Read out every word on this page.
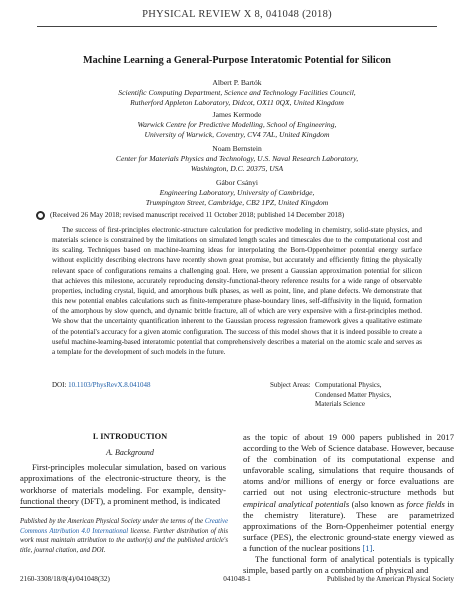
PHYSICAL REVIEW X 8, 041048 (2018)
Machine Learning a General-Purpose Interatomic Potential for Silicon
Albert P. Bartók
Scientific Computing Department, Science and Technology Facilities Council,
Rutherford Appleton Laboratory, Didcot, OX11 0QX, United Kingdom
James Kermode
Warwick Centre for Predictive Modelling, School of Engineering,
University of Warwick, Coventry, CV4 7AL, United Kingdom
Noam Bernstein
Center for Materials Physics and Technology, U.S. Naval Research Laboratory,
Washington, D.C. 20375, USA
Gábor Csányi
Engineering Laboratory, University of Cambridge,
Trumpington Street, Cambridge, CB2 1PZ, United Kingdom
(Received 26 May 2018; revised manuscript received 11 October 2018; published 14 December 2018)
The success of first-principles electronic-structure calculation for predictive modeling in chemistry, solid-state physics, and materials science is constrained by the limitations on simulated length scales and timescales due to the computational cost and its scaling. Techniques based on machine-learning ideas for interpolating the Born-Oppenheimer potential energy surface without explicitly describing electrons have recently shown great promise, but accurately and efficiently fitting the physically relevant space of configurations remains a challenging goal. Here, we present a Gaussian approximation potential for silicon that achieves this milestone, accurately reproducing density-functional-theory reference results for a wide range of observable properties, including crystal, liquid, and amorphous bulk phases, as well as point, line, and plane defects. We demonstrate that this new potential enables calculations such as finite-temperature phase-boundary lines, self-diffusivity in the liquid, formation of the amorphous by slow quench, and dynamic brittle fracture, all of which are very expensive with a first-principles method. We show that the uncertainty quantification inherent to the Gaussian process regression framework gives a qualitative estimate of the potential's accuracy for a given atomic configuration. The success of this model shows that it is indeed possible to create a useful machine-learning-based interatomic potential that comprehensively describes a material on the atomic scale and serves as a template for the development of such models in the future.
DOI: 10.1103/PhysRevX.8.041048	Subject Areas: Computational Physics,
Condensed Matter Physics,
Materials Science
I. INTRODUCTION
A. Background
First-principles molecular simulation, based on various approximations of the electronic-structure theory, is the workhorse of materials modeling. For example, density-functional theory (DFT), a prominent method, is indicated
Published by the American Physical Society under the terms of the Creative Commons Attribution 4.0 International license. Further distribution of this work must maintain attribution to the author(s) and the published article's title, journal citation, and DOI.

as the topic of about 19 000 papers published in 2017 according to the Web of Science database. However, because of the combination of its computational expense and unfavorable scaling, simulations that require thousands of atoms and/or millions of energy or force evaluations are carried out not using electronic-structure methods but empirical analytical potentials (also known as force fields in the chemistry literature). These are parametrized approximations of the Born-Oppenheimer potential energy surface (PES), the electronic ground-state energy viewed as a function of the nuclear positions [1].

The functional form of analytical potentials is typically simple, based partly on a combination of physical and

2160-3308/18/8(4)/041048(32)	041048-1	Published by the American Physical Society
